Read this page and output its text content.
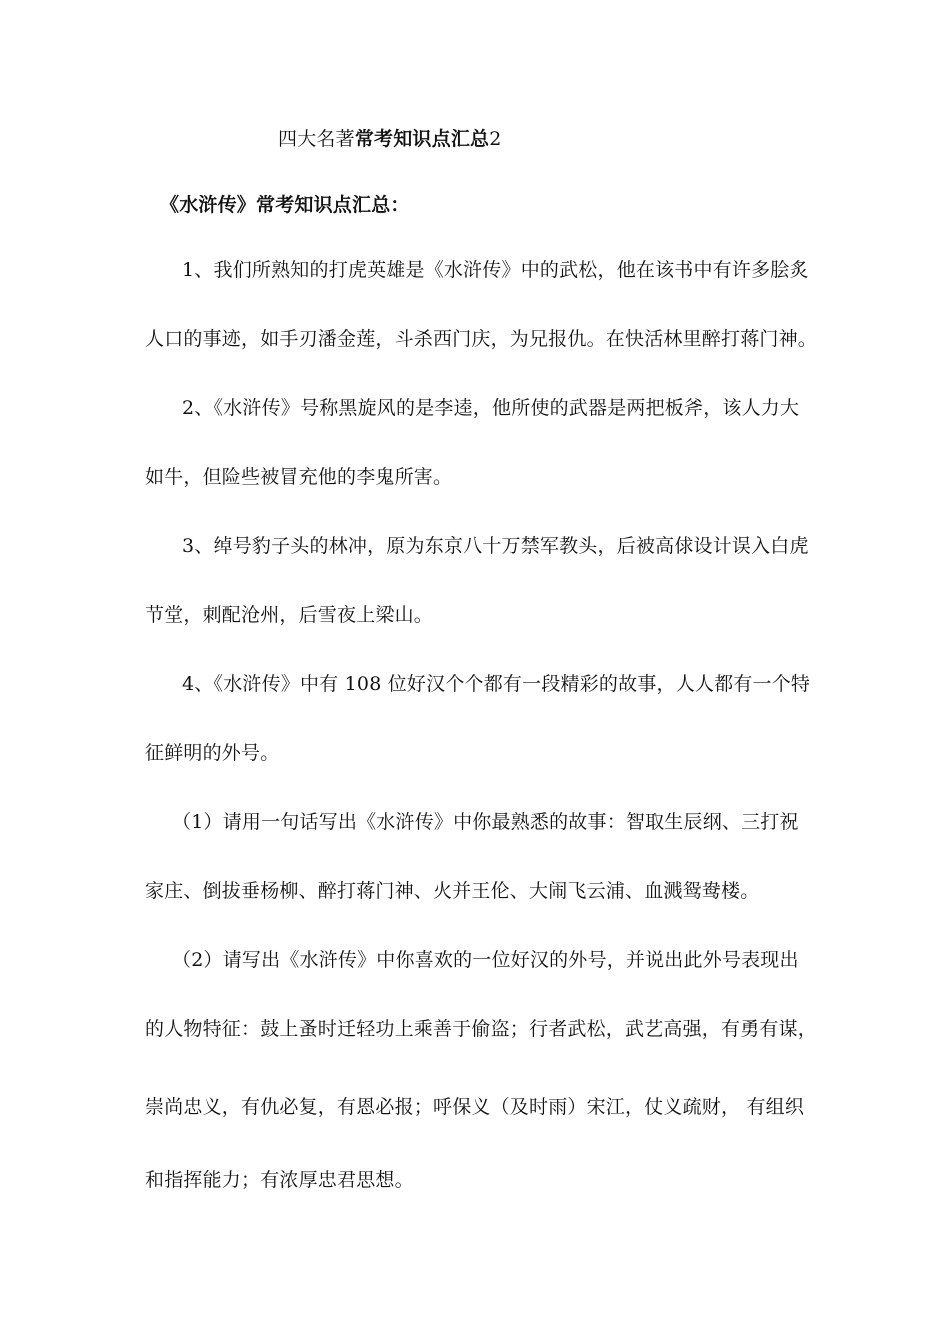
四大名著常考知识点汇总2
《水浒传》常考知识点汇总：
1、我们所熟知的打虎英雄是《水浒传》中的武松，他在该书中有许多脍炙
人口的事迹，如手刃潘金莲，斗杀西门庆，为兄报仇。在快活林里醉打蒋门神。
2、《水浒传》号称黑旋风的是李逵，他所使的武器是两把板斧，该人力大
如牛，但险些被冒充他的李鬼所害。
3、绰号豹子头的林冲，原为东京八十万禁军教头，后被高俅设计误入白虎
节堂，刺配沧州，后雪夜上梁山。
4、《水浒传》中有 108 位好汉个个都有一段精彩的故事，人人都有一个特
征鲜明的外号。
（1）请用一句话写出《水浒传》中你最熟悉的故事：智取生辰纲、三打祝
家庄、倒拔垂杨柳、醉打蒋门神、火并王伦、大闹飞云浦、血溅鸳鸯楼。
（2）请写出《水浒传》中你喜欢的一位好汉的外号，并说出此外号表现出
的人物特征：鼓上蚤时迁轻功上乘善于偷盗；行者武松，武艺高强，有勇有谋，
崇尚忠义，有仇必复，有恩必报；呼保义（及时雨）宋江，仗义疏财， 有组织
和指挥能力；有浓厚忠君思想。
